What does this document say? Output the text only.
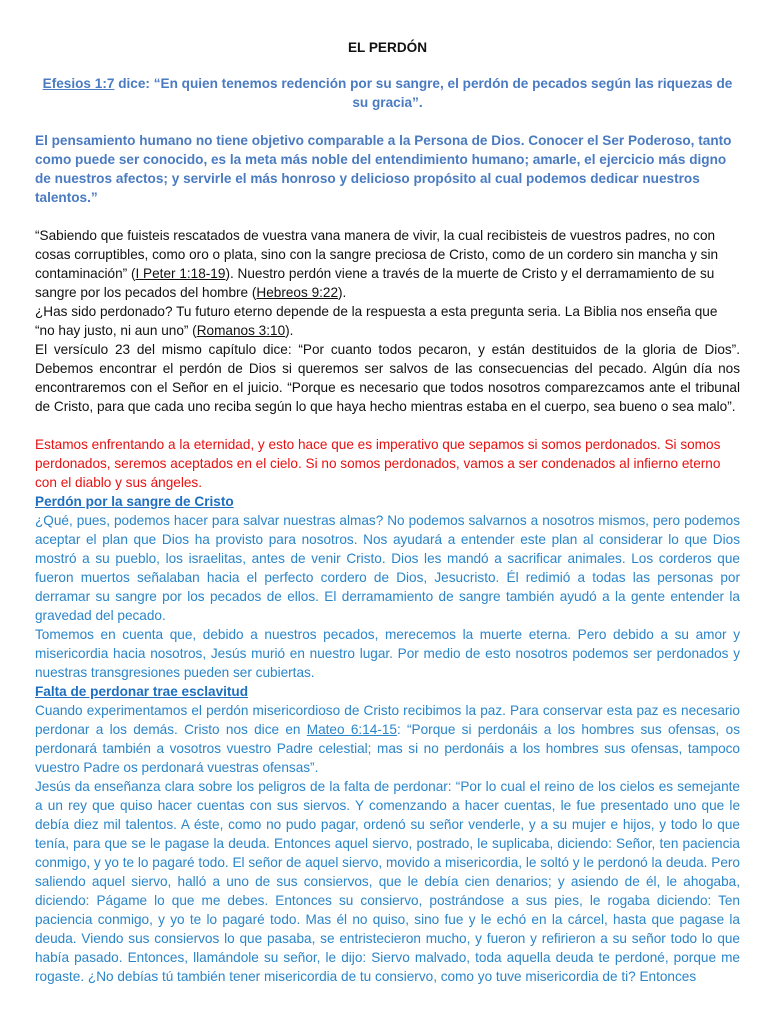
EL PERDÓN

Efesios 1:7 dice: “En quien tenemos redención por su sangre, el perdón de pecados según las riquezas de su gracia”.

El pensamiento humano no tiene objetivo comparable a la Persona de Dios. Conocer el Ser Poderoso, tanto como puede ser conocido, es la meta más noble del entendimiento humano; amarle, el ejercicio más digno de nuestros afectos; y servirle el más honroso y delicioso propósito al cual podemos dedicar nuestros talentos.”

“Sabiendo que fuisteis rescatados de vuestra vana manera de vivir, la cual recibisteis de vuestros padres, no con cosas corruptibles, como oro o plata, sino con la sangre preciosa de Cristo, como de un cordero sin mancha y sin contaminación” (I Peter 1:18-19). Nuestro perdón viene a través de la muerte de Cristo y el derramamiento de su sangre por los pecados del hombre (Hebreos 9:22).

¿Has sido perdonado? Tu futuro eterno depende de la respuesta a esta pregunta seria. La Biblia nos enseña que “no hay justo, ni aun uno” (Romanos 3:10).

El versículo 23 del mismo capítulo dice: “Por cuanto todos pecaron, y están destituidos de la gloria de Dios”. Debemos encontrar el perdón de Dios si queremos ser salvos de las consecuencias del pecado. Algún día nos encontraremos con el Señor en el juicio. “Porque es necesario que todos nosotros comparezcamos ante el tribunal de Cristo, para que cada uno reciba según lo que haya hecho mientras estaba en el cuerpo, sea bueno o sea malo”.

Estamos enfrentando a la eternidad, y esto hace que es imperativo que sepamos si somos perdonados. Si somos perdonados, seremos aceptados en el cielo. Si no somos perdonados, vamos a ser condenados al infierno eterno con el diablo y sus ángeles.

Perdón por la sangre de Cristo

¿Qué, pues, podemos hacer para salvar nuestras almas? No podemos salvarnos a nosotros mismos, pero podemos aceptar el plan que Dios ha provisto para nosotros. Nos ayudará a entender este plan al considerar lo que Dios mostró a su pueblo, los israelitas, antes de venir Cristo. Dios les mandó a sacrificar animales. Los corderos que fueron muertos señalaban hacia el perfecto cordero de Dios, Jesucristo. Él redimió a todas las personas por derramar su sangre por los pecados de ellos. El derramamiento de sangre también ayudó a la gente entender la gravedad del pecado.

Tomemos en cuenta que, debido a nuestros pecados, merecemos la muerte eterna. Pero debido a su amor y misericordia hacia nosotros, Jesús murió en nuestro lugar. Por medio de esto nosotros podemos ser perdonados y nuestras transgresiones pueden ser cubiertas.

Falta de perdonar trae esclavitud

Cuando experimentamos el perdón misericordioso de Cristo recibimos la paz. Para conservar esta paz es necesario perdonar a los demás. Cristo nos dice en Mateo 6:14-15: “Porque si perdonáis a los hombres sus ofensas, os perdonará también a vosotros vuestro Padre celestial; mas si no perdonáis a los hombres sus ofensas, tampoco vuestro Padre os perdonará vuestras ofensas”.

Jesús da enseñanza clara sobre los peligros de la falta de perdonar: “Por lo cual el reino de los cielos es semejante a un rey que quiso hacer cuentas con sus siervos. Y comenzando a hacer cuentas, le fue presentado uno que le debía diez mil talentos. A éste, como no pudo pagar, ordenó su señor venderle, y a su mujer e hijos, y todo lo que tenía, para que se le pagase la deuda. Entonces aquel siervo, postrado, le suplicaba, diciendo: Señor, ten paciencia conmigo, y yo te lo pagaré todo. El señor de aquel siervo, movido a misericordia, le soltó y le perdonó la deuda. Pero saliendo aquel siervo, halló a uno de sus consiervos, que le debía cien denarios; y asiendo de él, le ahogaba, diciendo: Págame lo que me debes. Entonces su consiervo, postrándose a sus pies, le rogaba diciendo: Ten paciencia conmigo, y yo te lo pagaré todo. Mas él no quiso, sino fue y le echó en la cárcel, hasta que pagase la deuda. Viendo sus consiervos lo que pasaba, se entristecieron mucho, y fueron y refirieron a su señor todo lo que había pasado. Entonces, llamándole su señor, le dijo: Siervo malvado, toda aquella deuda te perdoné, porque me rogaste. ¿No debías tú también tener misericordia de tu consiervo, como yo tuve misericordia de ti? Entonces
